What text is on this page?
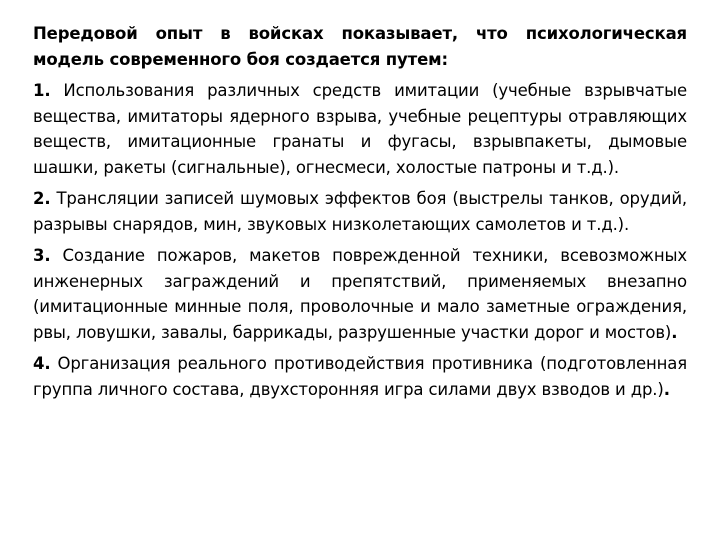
Передовой опыт в войсках показывает, что психологическая модель современного боя создается путем:

1. Использования различных средств имитации (учебные взрывчатые вещества, имитаторы ядерного взрыва, учебные рецептуры отравляющих веществ, имитационные гранаты и фугасы, взрывпакеты, дымовые шашки, ракеты (сигнальные), огнесмеси, холостые патроны и т.д.).

2. Трансляции записей шумовых эффектов боя (выстрелы танков, орудий, разрывы снарядов, мин, звуковых низколетающих самолетов и т.д.).

3. Создание пожаров, макетов поврежденной техники, всевозможных инженерных заграждений и препятствий, применяемых внезапно (имитационные минные поля, проволочные и мало заметные ограждения, рвы, ловушки, завалы, баррикады, разрушенные участки дорог и мостов).

4. Организация реального противодействия противника (подготовленная группа личного состава, двухсторонняя игра силами двух взводов и др.).
